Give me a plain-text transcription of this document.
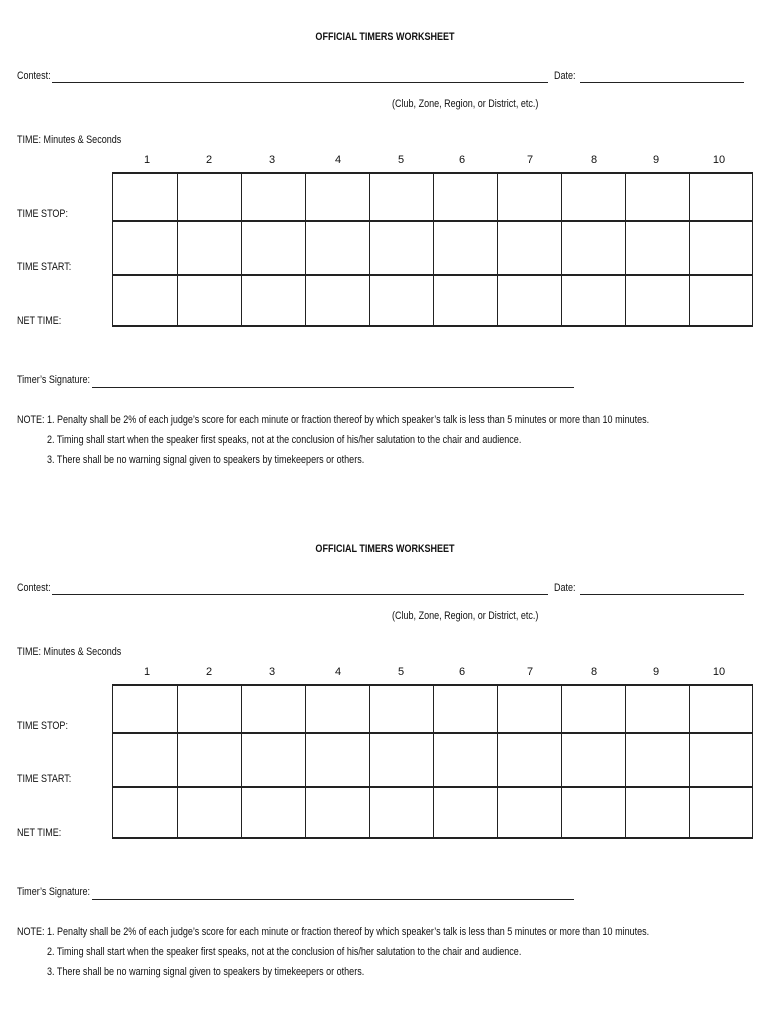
OFFICIAL TIMERS WORKSHEET
Contest:	Date:
(Club, Zone, Region, or District, etc.)
TIME: Minutes & Seconds
1	2	3	4	5	6	7	8	9	10
TIME STOP:
TIME START:
NET TIME:
Timer’s Signature:
NOTE: 1. Penalty shall be 2% of each judge’s score for each minute or fraction thereof by which speaker’s talk is less than 5 minutes or more than 10 minutes.
2. Timing shall start when the speaker first speaks, not at the conclusion of his/her salutation to the chair and audience.
3. There shall be no warning signal given to speakers by timekeepers or others.
OFFICIAL TIMERS WORKSHEET
Contest:	Date:
(Club, Zone, Region, or District, etc.)
TIME: Minutes & Seconds
1	2	3	4	5	6	7	8	9	10
TIME STOP:
TIME START:
NET TIME:
Timer’s Signature:
NOTE: 1. Penalty shall be 2% of each judge’s score for each minute or fraction thereof by which speaker’s talk is less than 5 minutes or more than 10 minutes.
2. Timing shall start when the speaker first speaks, not at the conclusion of his/her salutation to the chair and audience.
3. There shall be no warning signal given to speakers by timekeepers or others.
